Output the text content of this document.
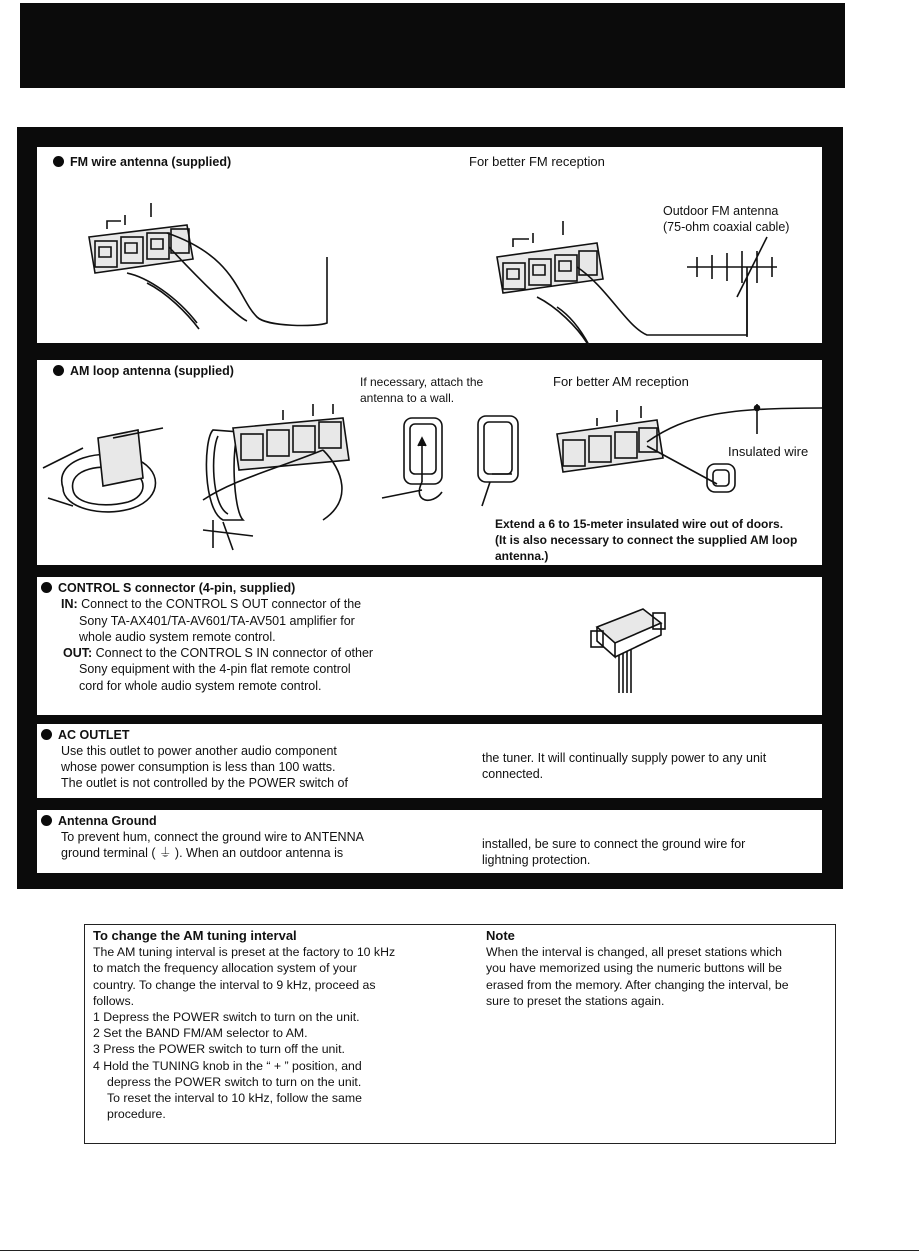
FM wire antenna (supplied)	For better FM reception
Outdoor FM antenna
(75-ohm coaxial cable)
AM loop antenna (supplied)
If necessary, attach the
antenna to a wall.
For better AM reception
Insulated wire
Extend a 6 to 15-meter insulated wire out of doors.
(It is also necessary to connect the supplied AM loop
antenna.)
CONTROL S connector (4-pin, supplied)
IN: Connect to the CONTROL S OUT connector of the
Sony TA-AX401/TA-AV601/TA-AV501 amplifier for
whole audio system remote control.
OUT: Connect to the CONTROL S IN connector of other
Sony equipment with the 4-pin flat remote control
cord for whole audio system remote control.
AC OUTLET
Use this outlet to power another audio component
whose power consumption is less than 100 watts.
The outlet is not controlled by the POWER switch of
the tuner. It will continually supply power to any unit
connected.
Antenna Ground
To prevent hum, connect the ground wire to ANTENNA
ground terminal ( ⏚ ). When an outdoor antenna is
installed, be sure to connect the ground wire for
lightning protection.
To change the AM tuning interval
The AM tuning interval is preset at the factory to 10 kHz
to match the frequency allocation system of your
country. To change the interval to 9 kHz, proceed as
follows.
1 Depress the POWER switch to turn on the unit.
2 Set the BAND FM/AM selector to AM.
3 Press the POWER switch to turn off the unit.
4 Hold the TUNING knob in the “ + ” position, and
depress the POWER switch to turn on the unit.
To reset the interval to 10 kHz, follow the same
procedure.
Note
When the interval is changed, all preset stations which
you have memorized using the numeric buttons will be
erased from the memory. After changing the interval, be
sure to preset the stations again.
